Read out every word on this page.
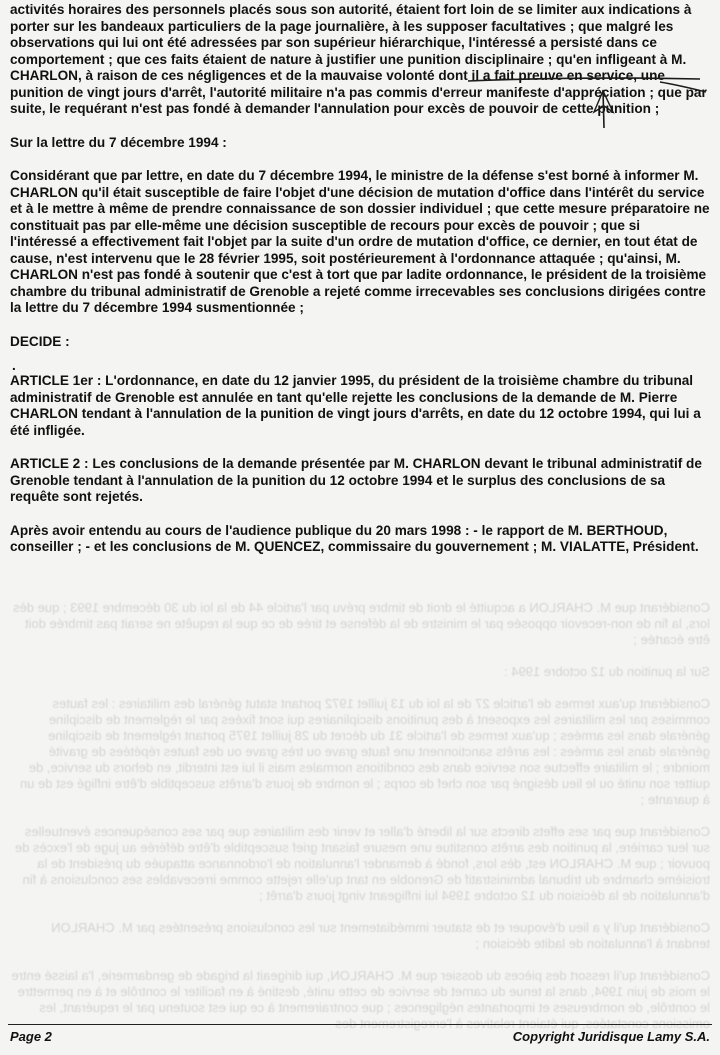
Considérant que M. CHARLON a acquitté le droit de timbre prévu par l'article 44 de la loi du 30 décembre 1993 ; que dès lors, la fin de non-recevoir opposée par le ministre de la défense et tirée de ce que la requête ne serait pas timbrée doit être écartée ;

Sur la punition du 12 octobre 1994 :

Considérant qu'aux termes de l'article 27 de la loi du 13 juillet 1972 portant statut général des militaires : les fautes commises par les militaires les exposent à des punitions disciplinaires qui sont fixées par le règlement de discipline générale dans les armées ; qu'aux termes de l'article 31 du décret du 28 juillet 1975 portant règlement de discipline générale dans les armées : les arrêts sanctionnent une faute grave ou très grave ou des fautes répétées de gravité moindre ; le militaire effectue son service dans des conditions normales mais il lui est interdit, en dehors du service, de quitter son unité ou le lieu désigné par son chef de corps ; le nombre de jours d'arrêts susceptible d'être infligé est de un à quarante ;

Considérant que par ses effets directs sur la liberté d'aller et venir des militaires que par ses conséquences éventuelles sur leur carrière, la punition des arrêts constitue une mesure faisant grief susceptible d'être déférée au juge de l'excès de pouvoir ; que M. CHARLON est, dès lors, fondé à demander l'annulation de l'ordonnance attaquée du président de la troisième chambre du tribunal administratif de Grenoble en tant qu'elle rejette comme irrecevables ses conclusions à fin d'annulation de la décision du 12 octobre 1994 lui infligeant vingt jours d'arrêt ;

Considérant qu'il y a lieu d'évoquer et de statuer immédiatement sur les conclusions présentées par M. CHARLON tendant à l'annulation de ladite décision ;

Considérant qu'il ressort des pièces du dossier que M. CHARLON, qui dirigeait la brigade de gendarmerie, l'a laissé entre le mois de juin 1994, dans la tenue du carnet de service de cette unité, destiné à en faciliter le contrôle et à en permettre le contrôle, de nombreuses et importantes négligences ; que contrairement à ce qui est soutenu par le requérant, les omissions constatées, qui étaient relatives à l'enregistrement des

activités horaires des personnels placés sous son autorité, étaient fort loin de se limiter aux indications à porter sur les bandeaux particuliers de la page journalière, à les supposer facultatives ; que malgré les observations qui lui ont été adressées par son supérieur hiérarchique, l'intéressé a persisté dans ce comportement ; que ces faits étaient de nature à justifier une punition disciplinaire ; qu'en infligeant à M. CHARLON, à raison de ces négligences et de la mauvaise volonté dont il a fait preuve en service, une punition de vingt jours d'arrêt, l'autorité militaire n'a pas commis d'erreur manifeste d'appréciation ; que par suite, le requérant n'est pas fondé à demander l'annulation pour excès de pouvoir de cette punition ;

Sur la lettre du 7 décembre 1994 :

Considérant que par lettre, en date du 7 décembre 1994, le ministre de la défense s'est borné à informer M. CHARLON qu'il était susceptible de faire l'objet d'une décision de mutation d'office dans l'intérêt du service et à le mettre à même de prendre connaissance de son dossier individuel ; que cette mesure préparatoire ne constituait pas par elle-même une décision susceptible de recours pour excès de pouvoir ; que si l'intéressé a effectivement fait l'objet par la suite d'un ordre de mutation d'office, ce dernier, en tout état de cause, n'est intervenu que le 28 février 1995, soit postérieurement à l'ordonnance attaquée ; qu'ainsi, M. CHARLON n'est pas fondé à soutenir que c'est à tort que par ladite ordonnance, le président de la troisième chambre du tribunal administratif de Grenoble a rejeté comme irrecevables ses conclusions dirigées contre la lettre du 7 décembre 1994 susmentionnée ;

DECIDE :

.

ARTICLE 1er : L'ordonnance, en date du 12 janvier 1995, du président de la troisième chambre du tribunal administratif de Grenoble est annulée en tant qu'elle rejette les conclusions de la demande de M. Pierre CHARLON tendant à l'annulation de la punition de vingt jours d'arrêts, en date du 12 octobre 1994, qui lui a été infligée.

ARTICLE 2 : Les conclusions de la demande présentée par M. CHARLON devant le tribunal administratif de Grenoble tendant à l'annulation de la punition du 12 octobre 1994 et le surplus des conclusions de sa requête sont rejetés.

Après avoir entendu au cours de l'audience publique du 20 mars 1998 : - le rapport de M. BERTHOUD, conseiller ; - et les conclusions de M. QUENCEZ, commissaire du gouvernement ; M. VIALATTE, Président.

Page 2	Copyright Juridisque Lamy S.A.
